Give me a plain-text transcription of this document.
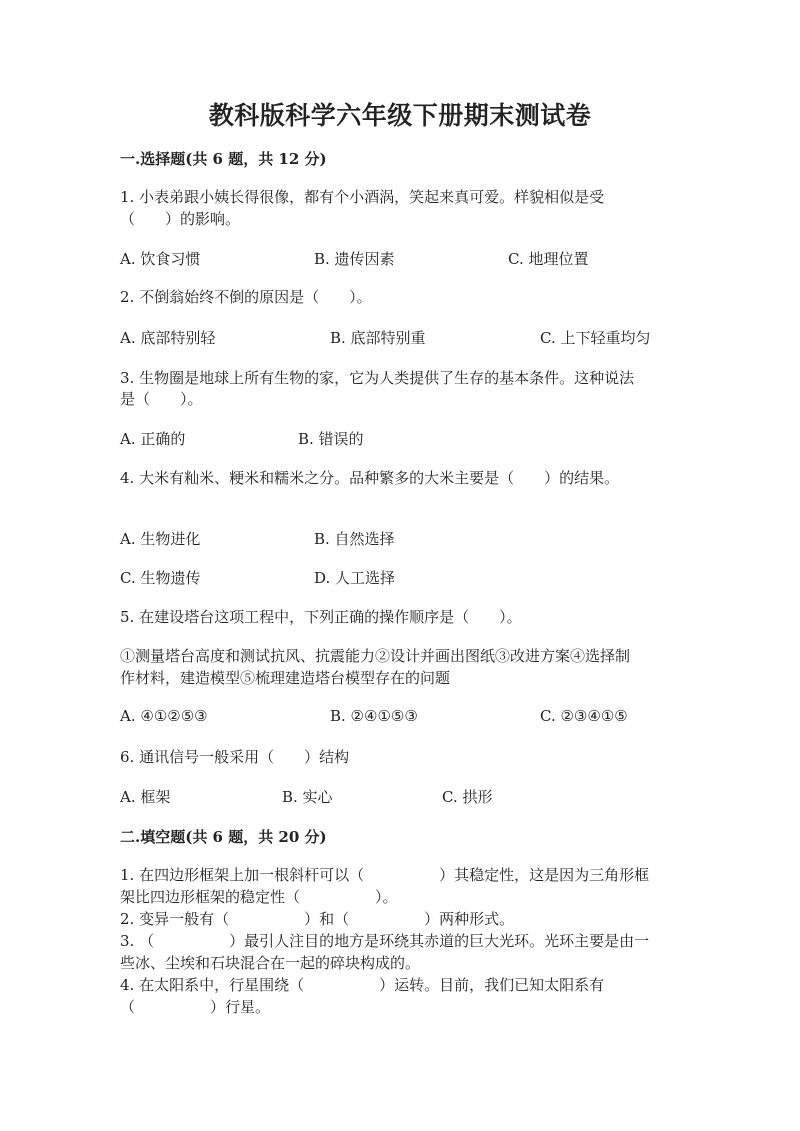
教科版科学六年级下册期末测试卷
一.选择题(共 6 题，共 12 分)
1. 小表弟跟小姨长得很像，都有个小酒涡，笑起来真可爱。样貌相似是受
（　　）的影响。
A. 饮食习惯	B. 遗传因素	C. 地理位置
2. 不倒翁始终不倒的原因是（　　）。
A. 底部特别轻	B. 底部特别重	C. 上下轻重均匀
3. 生物圈是地球上所有生物的家，它为人类提供了生存的基本条件。这种说法
是（　　）。
A. 正确的	B. 错误的
4. 大米有籼米、粳米和糯米之分。品种繁多的大米主要是（　　）的结果。
A. 生物进化	B. 自然选择
C. 生物遗传	D. 人工选择
5. 在建设塔台这项工程中，下列正确的操作顺序是（　　）。
①测量塔台高度和测试抗风、抗震能力②设计并画出图纸③改进方案④选择制
作材料，建造模型⑤梳理建造塔台模型存在的问题
A. ④①②⑤③	B. ②④①⑤③	C. ②③④①⑤
6. 通讯信号一般采用（　　）结构
A. 框架	B. 实心	C. 拱形
二.填空题(共 6 题，共 20 分)
1. 在四边形框架上加一根斜杆可以（　　　　　）其稳定性，这是因为三角形框
架比四边形框架的稳定性（　　　　　）。
2. 变异一般有（　　　　　）和（　　　　　）两种形式。
3. （　　　　　）最引人注目的地方是环绕其赤道的巨大光环。光环主要是由一
些冰、尘埃和石块混合在一起的碎块构成的。
4. 在太阳系中，行星围绕（　　　　　）运转。目前，我们已知太阳系有
（　　　　　）行星。
